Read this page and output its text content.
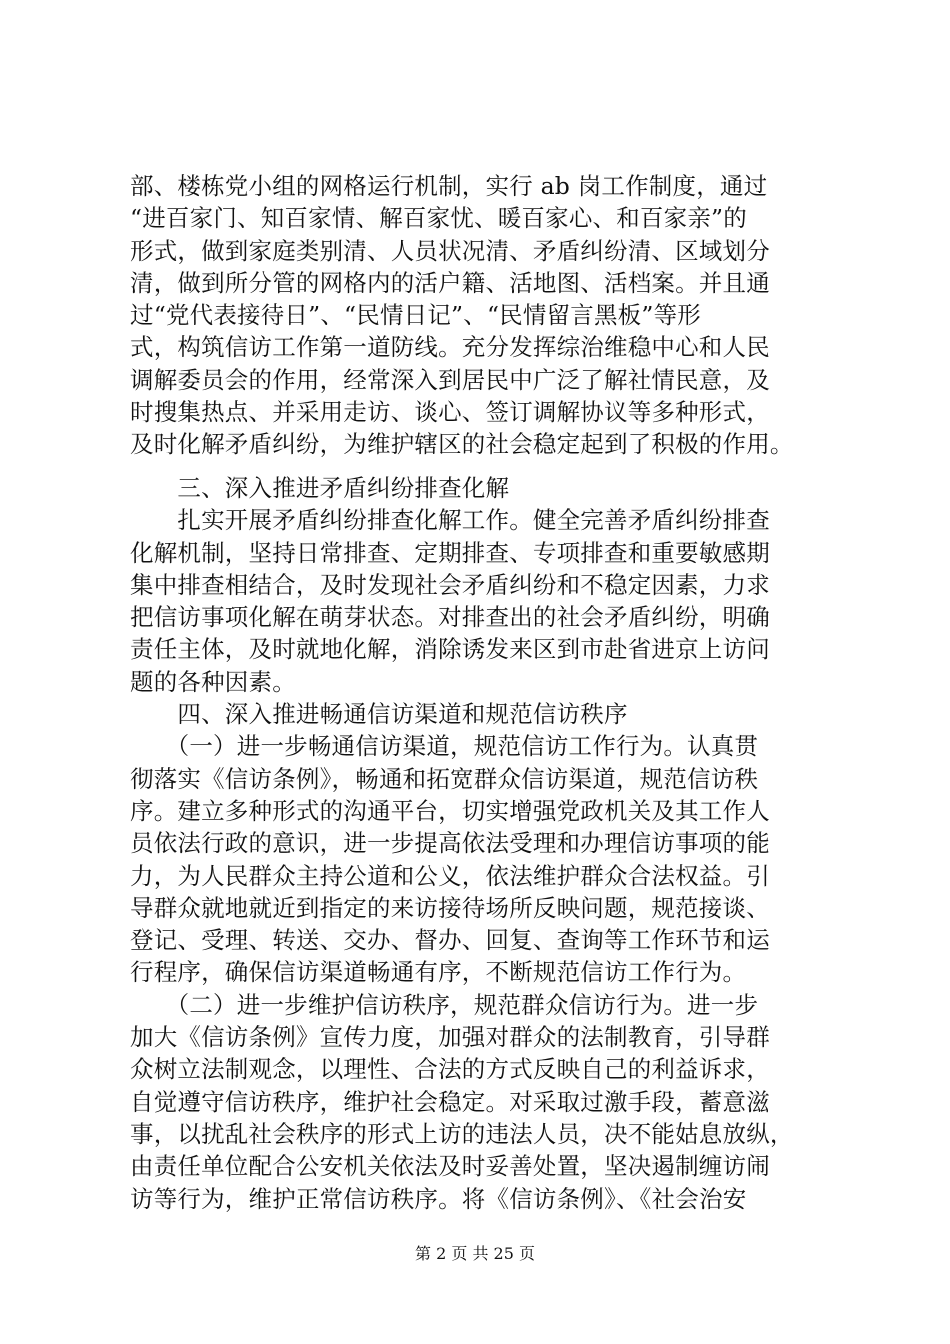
部、楼栋党小组的网格运行机制，实行 ab 岗工作制度，通过
“进百家门、知百家情、解百家忧、暖百家心、和百家亲”的
形式，做到家庭类别清、人员状况清、矛盾纠纷清、区域划分
清，做到所分管的网格内的活户籍、活地图、活档案。并且通
过“党代表接待日”、“民情日记”、“民情留言黑板”等形
式，构筑信访工作第一道防线。充分发挥综治维稳中心和人民
调解委员会的作用，经常深入到居民中广泛了解社情民意，及
时搜集热点、并采用走访、谈心、签订调解协议等多种形式，
及时化解矛盾纠纷，为维护辖区的社会稳定起到了积极的作用。
　　三、深入推进矛盾纠纷排查化解
　　扎实开展矛盾纠纷排查化解工作。健全完善矛盾纠纷排查
化解机制，坚持日常排查、定期排查、专项排查和重要敏感期
集中排查相结合，及时发现社会矛盾纠纷和不稳定因素，力求
把信访事项化解在萌芽状态。对排查出的社会矛盾纠纷，明确
责任主体，及时就地化解，消除诱发来区到市赴省进京上访问
题的各种因素。
　　四、深入推进畅通信访渠道和规范信访秩序
　　（一）进一步畅通信访渠道，规范信访工作行为。认真贯
彻落实《信访条例》，畅通和拓宽群众信访渠道，规范信访秩
序。建立多种形式的沟通平台，切实增强党政机关及其工作人
员依法行政的意识，进一步提高依法受理和办理信访事项的能
力，为人民群众主持公道和公义，依法维护群众合法权益。引
导群众就地就近到指定的来访接待场所反映问题，规范接谈、
登记、受理、转送、交办、督办、回复、查询等工作环节和运
行程序，确保信访渠道畅通有序，不断规范信访工作行为。
　　（二）进一步维护信访秩序，规范群众信访行为。进一步
加大《信访条例》宣传力度，加强对群众的法制教育，引导群
众树立法制观念，以理性、合法的方式反映自己的利益诉求，
自觉遵守信访秩序，维护社会稳定。对采取过激手段，蓄意滋
事，以扰乱社会秩序的形式上访的违法人员，决不能姑息放纵，
由责任单位配合公安机关依法及时妥善处置，坚决遏制缠访闹
访等行为，维护正常信访秩序。将《信访条例》、《社会治安
第 2 页 共 25 页
